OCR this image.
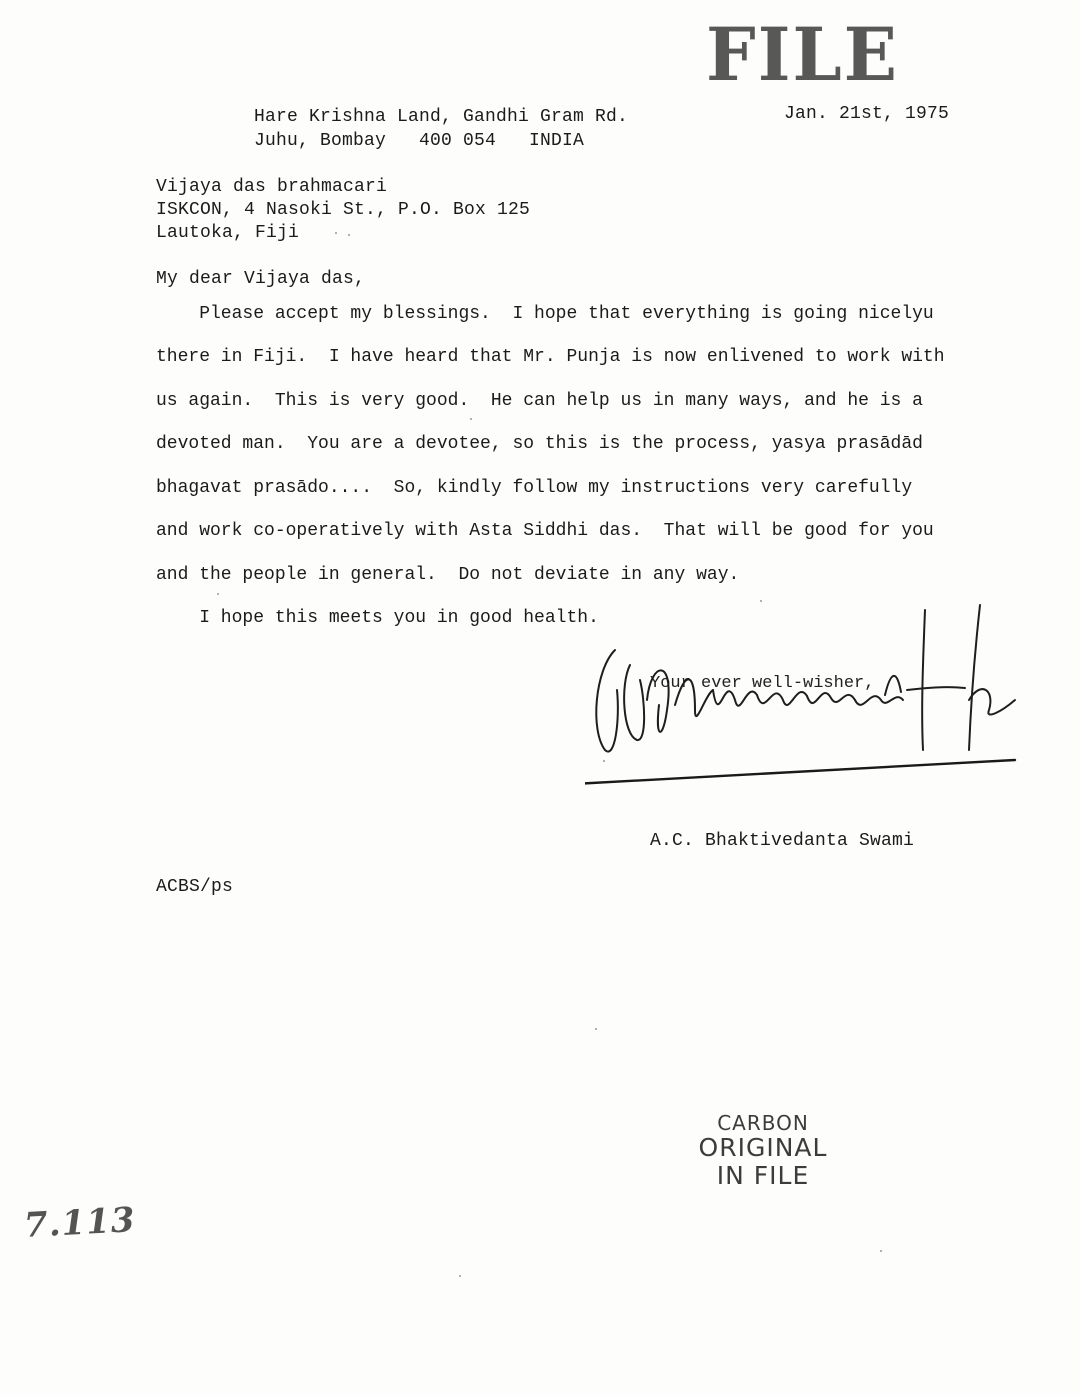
FILE
Hare Krishna Land, Gandhi Gram Rd.
Juhu, Bombay   400 054   INDIA
Jan. 21st, 1975
Vijaya das brahmacari
ISKCON, 4 Nasoki St., P.O. Box 125
Lautoka, Fiji
My dear Vijaya das,
Please accept my blessings.  I hope that everything is going nicelyu
there in Fiji.  I have heard that Mr. Punja is now enlivened to work with
us again.  This is very good.  He can help us in many ways, and he is a
devoted man.  You are a devotee, so this is the process, yasya prasādād
bhagavat prasādo....  So, kindly follow my instructions very carefully
and work co-operatively with Asta Siddhi das.  That will be good for you
and the people in general.  Do not deviate in any way.
I hope this meets you in good health.
Your ever well-wisher,
A.C. Bhaktivedanta Swami
ACBS/ps
CARBON
ORIGINAL
IN FILE
7.113
